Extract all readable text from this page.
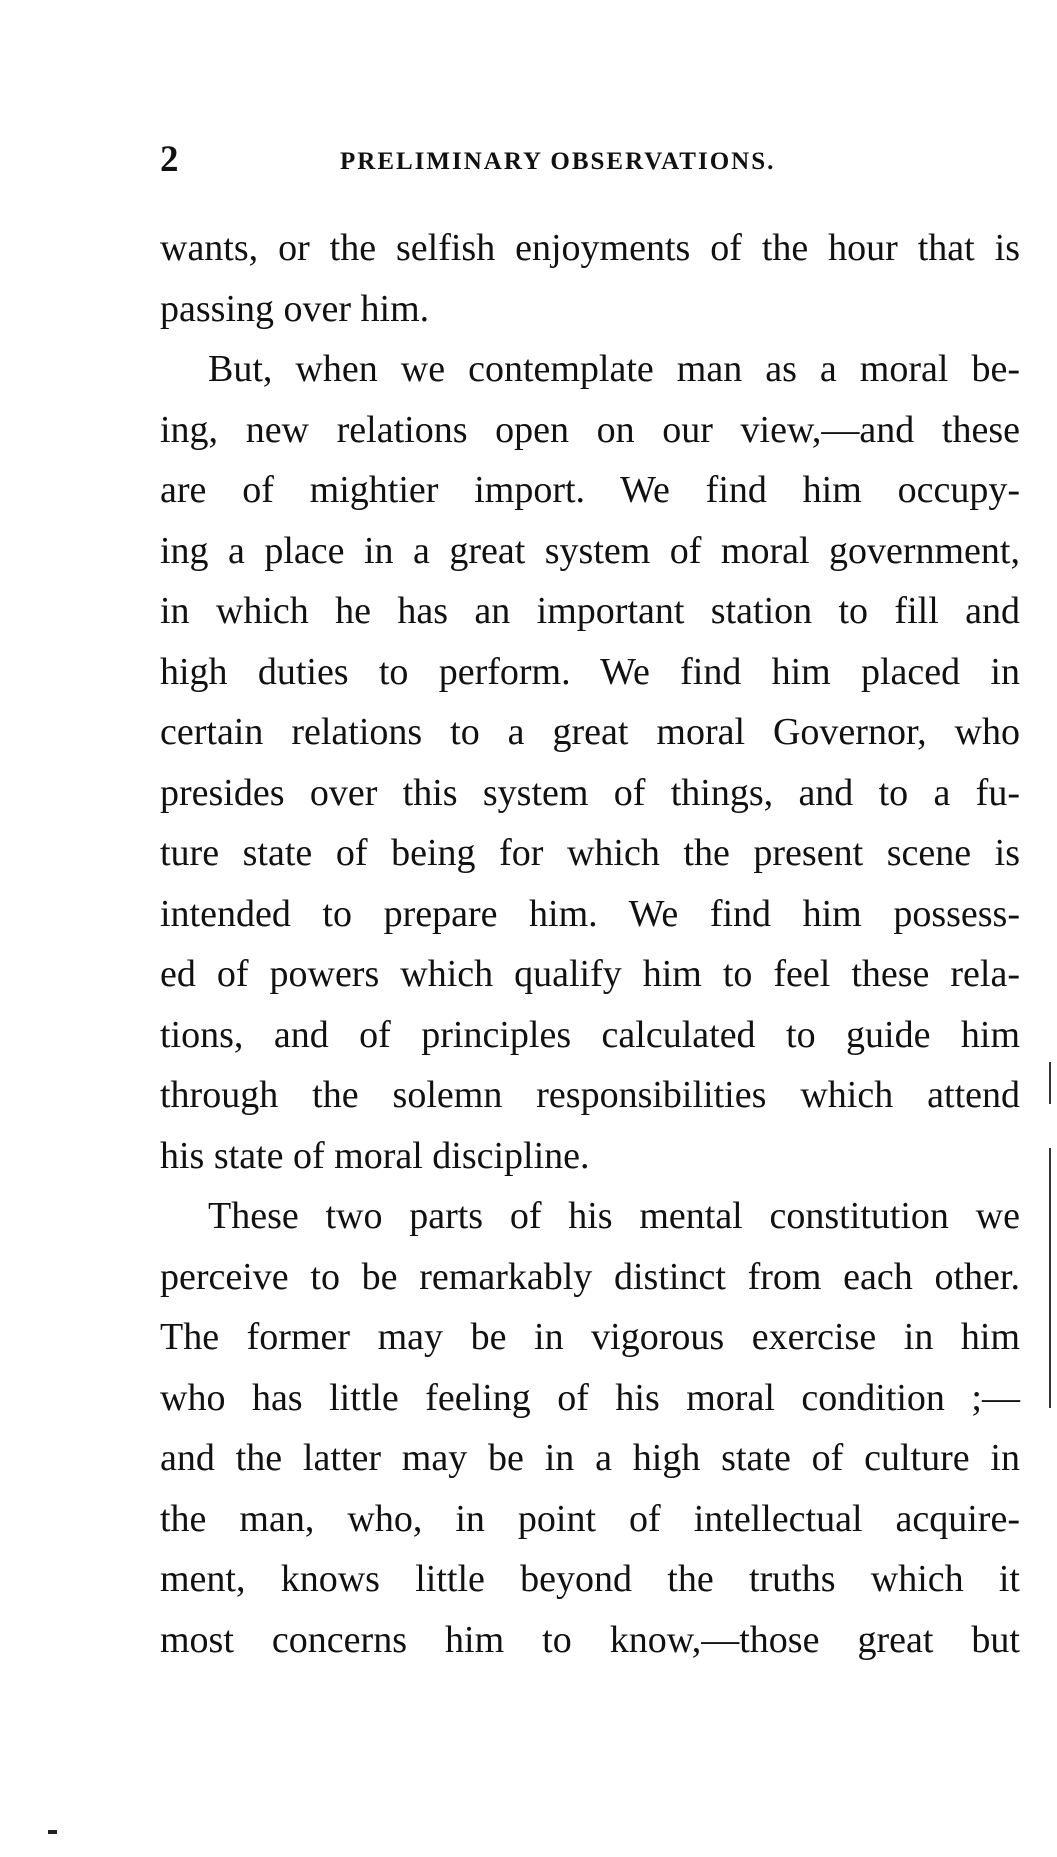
2	PRELIMINARY OBSERVATIONS.
wants, or the selfish enjoyments of the hour that is
passing over him.
But, when we contemplate man as a moral be-
ing, new relations open on our view,—and these
are of mightier import. We find him occupy-
ing a place in a great system of moral government,
in which he has an important station to fill and
high duties to perform. We find him placed in
certain relations to a great moral Governor, who
presides over this system of things, and to a fu-
ture state of being for which the present scene is
intended to prepare him. We find him possess-
ed of powers which qualify him to feel these rela-
tions, and of principles calculated to guide him
through the solemn responsibilities which attend
his state of moral discipline.
These two parts of his mental constitution we
perceive to be remarkably distinct from each other.
The former may be in vigorous exercise in him
who has little feeling of his moral condition ;—
and the latter may be in a high state of culture in
the man, who, in point of intellectual acquire-
ment, knows little beyond the truths which it
most concerns him to know,—those great but
